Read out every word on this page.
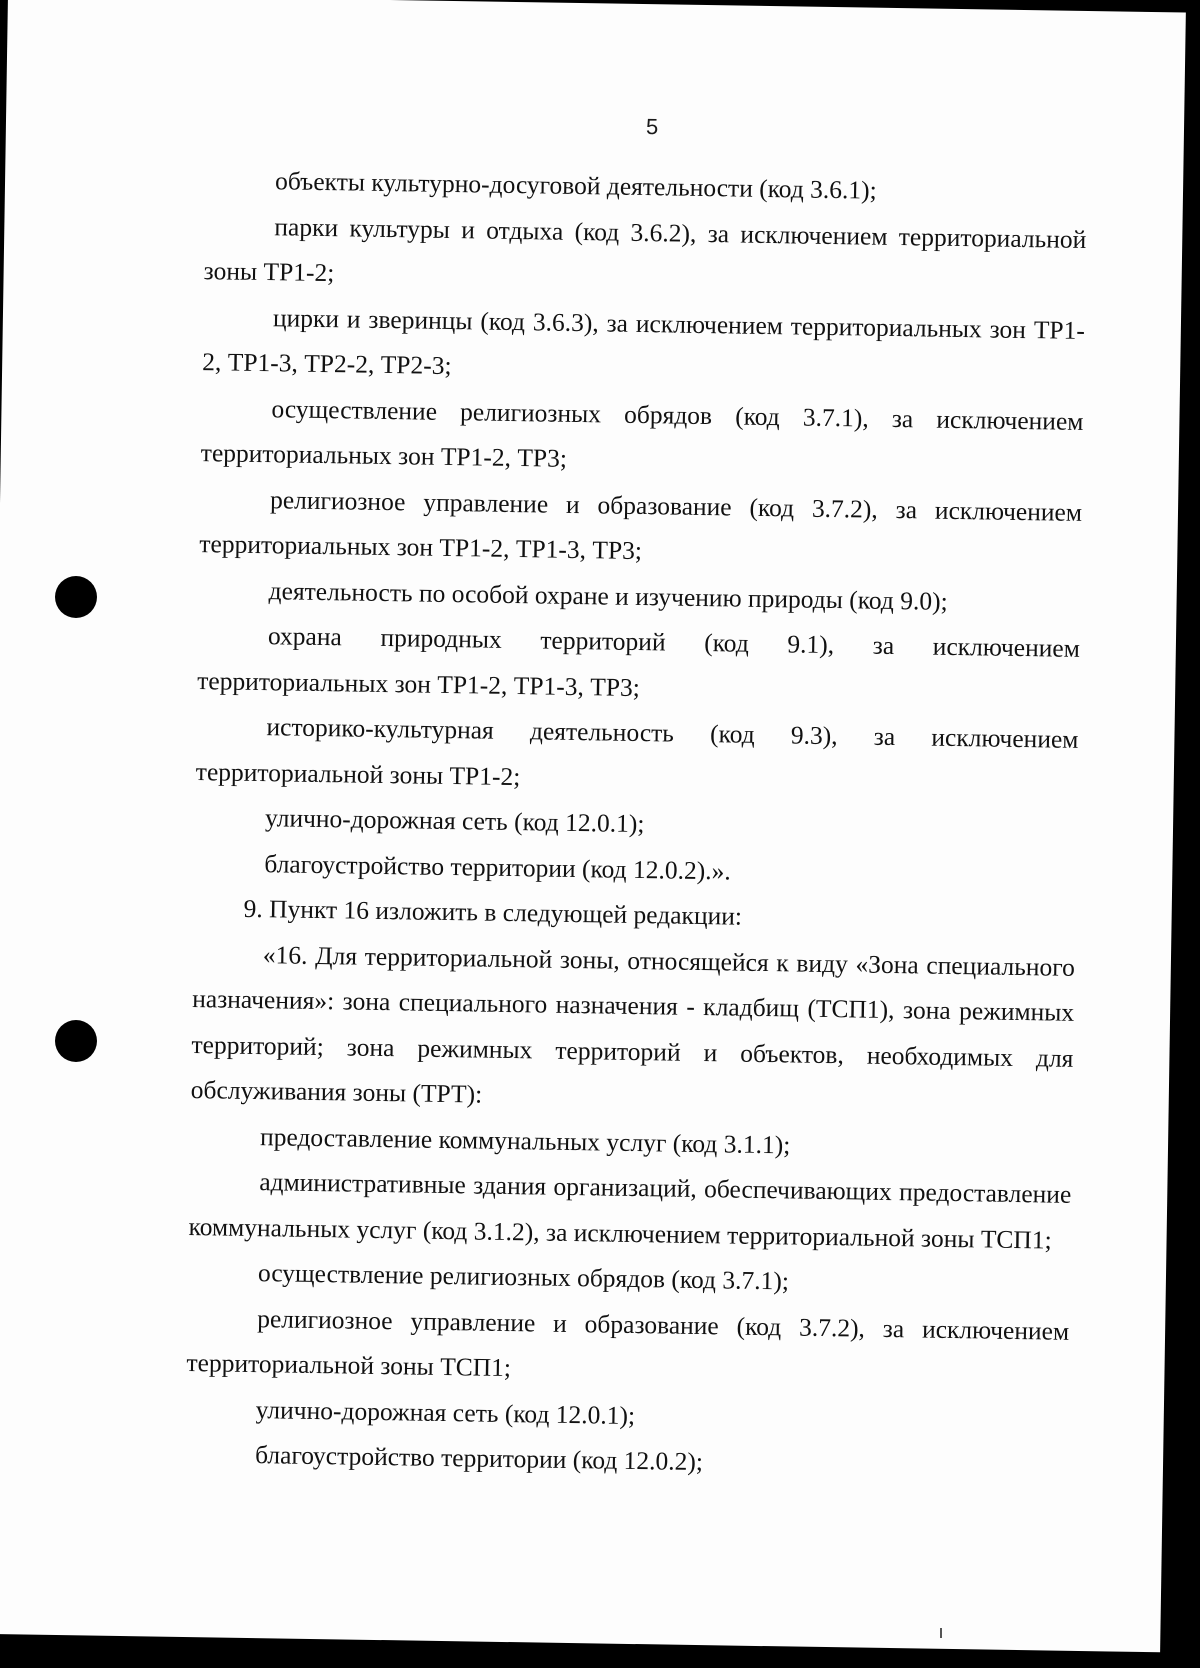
5

объекты культурно-досуговой деятельности (код 3.6.1);

парки культуры и отдыха (код 3.6.2), за исключением территориальной зоны ТР1-2;

цирки и зверинцы (код 3.6.3), за исключением территориальных зон ТР1-2, ТР1-3, ТР2-2, ТР2-3;

осуществление религиозных обрядов (код 3.7.1), за исключением территориальных зон ТР1-2, ТР3;

религиозное управление и образование (код 3.7.2), за исключением территориальных зон ТР1-2, ТР1-3, ТР3;

деятельность по особой охране и изучению природы (код 9.0);

охрана природных территорий (код 9.1), за исключением территориальных зон ТР1-2, ТР1-3, ТР3;

историко-культурная деятельность (код 9.3), за исключением территориальной зоны ТР1-2;

улично-дорожная сеть (код 12.0.1);

благоустройство территории (код 12.0.2).».

9. Пункт 16 изложить в следующей редакции:

«16. Для территориальной зоны, относящейся к виду «Зона специального назначения»: зона специального назначения - кладбищ (ТСП1), зона режимных территорий; зона режимных территорий и объектов, необходимых для обслуживания зоны (ТРТ):

предоставление коммунальных услуг (код 3.1.1);

административные здания организаций, обеспечивающих предоставление коммунальных услуг (код 3.1.2), за исключением территориальной зоны ТСП1;

осуществление религиозных обрядов (код 3.7.1);

религиозное управление и образование (код 3.7.2), за исключением территориальной зоны ТСП1;

улично-дорожная сеть (код 12.0.1);

благоустройство территории (код 12.0.2);
